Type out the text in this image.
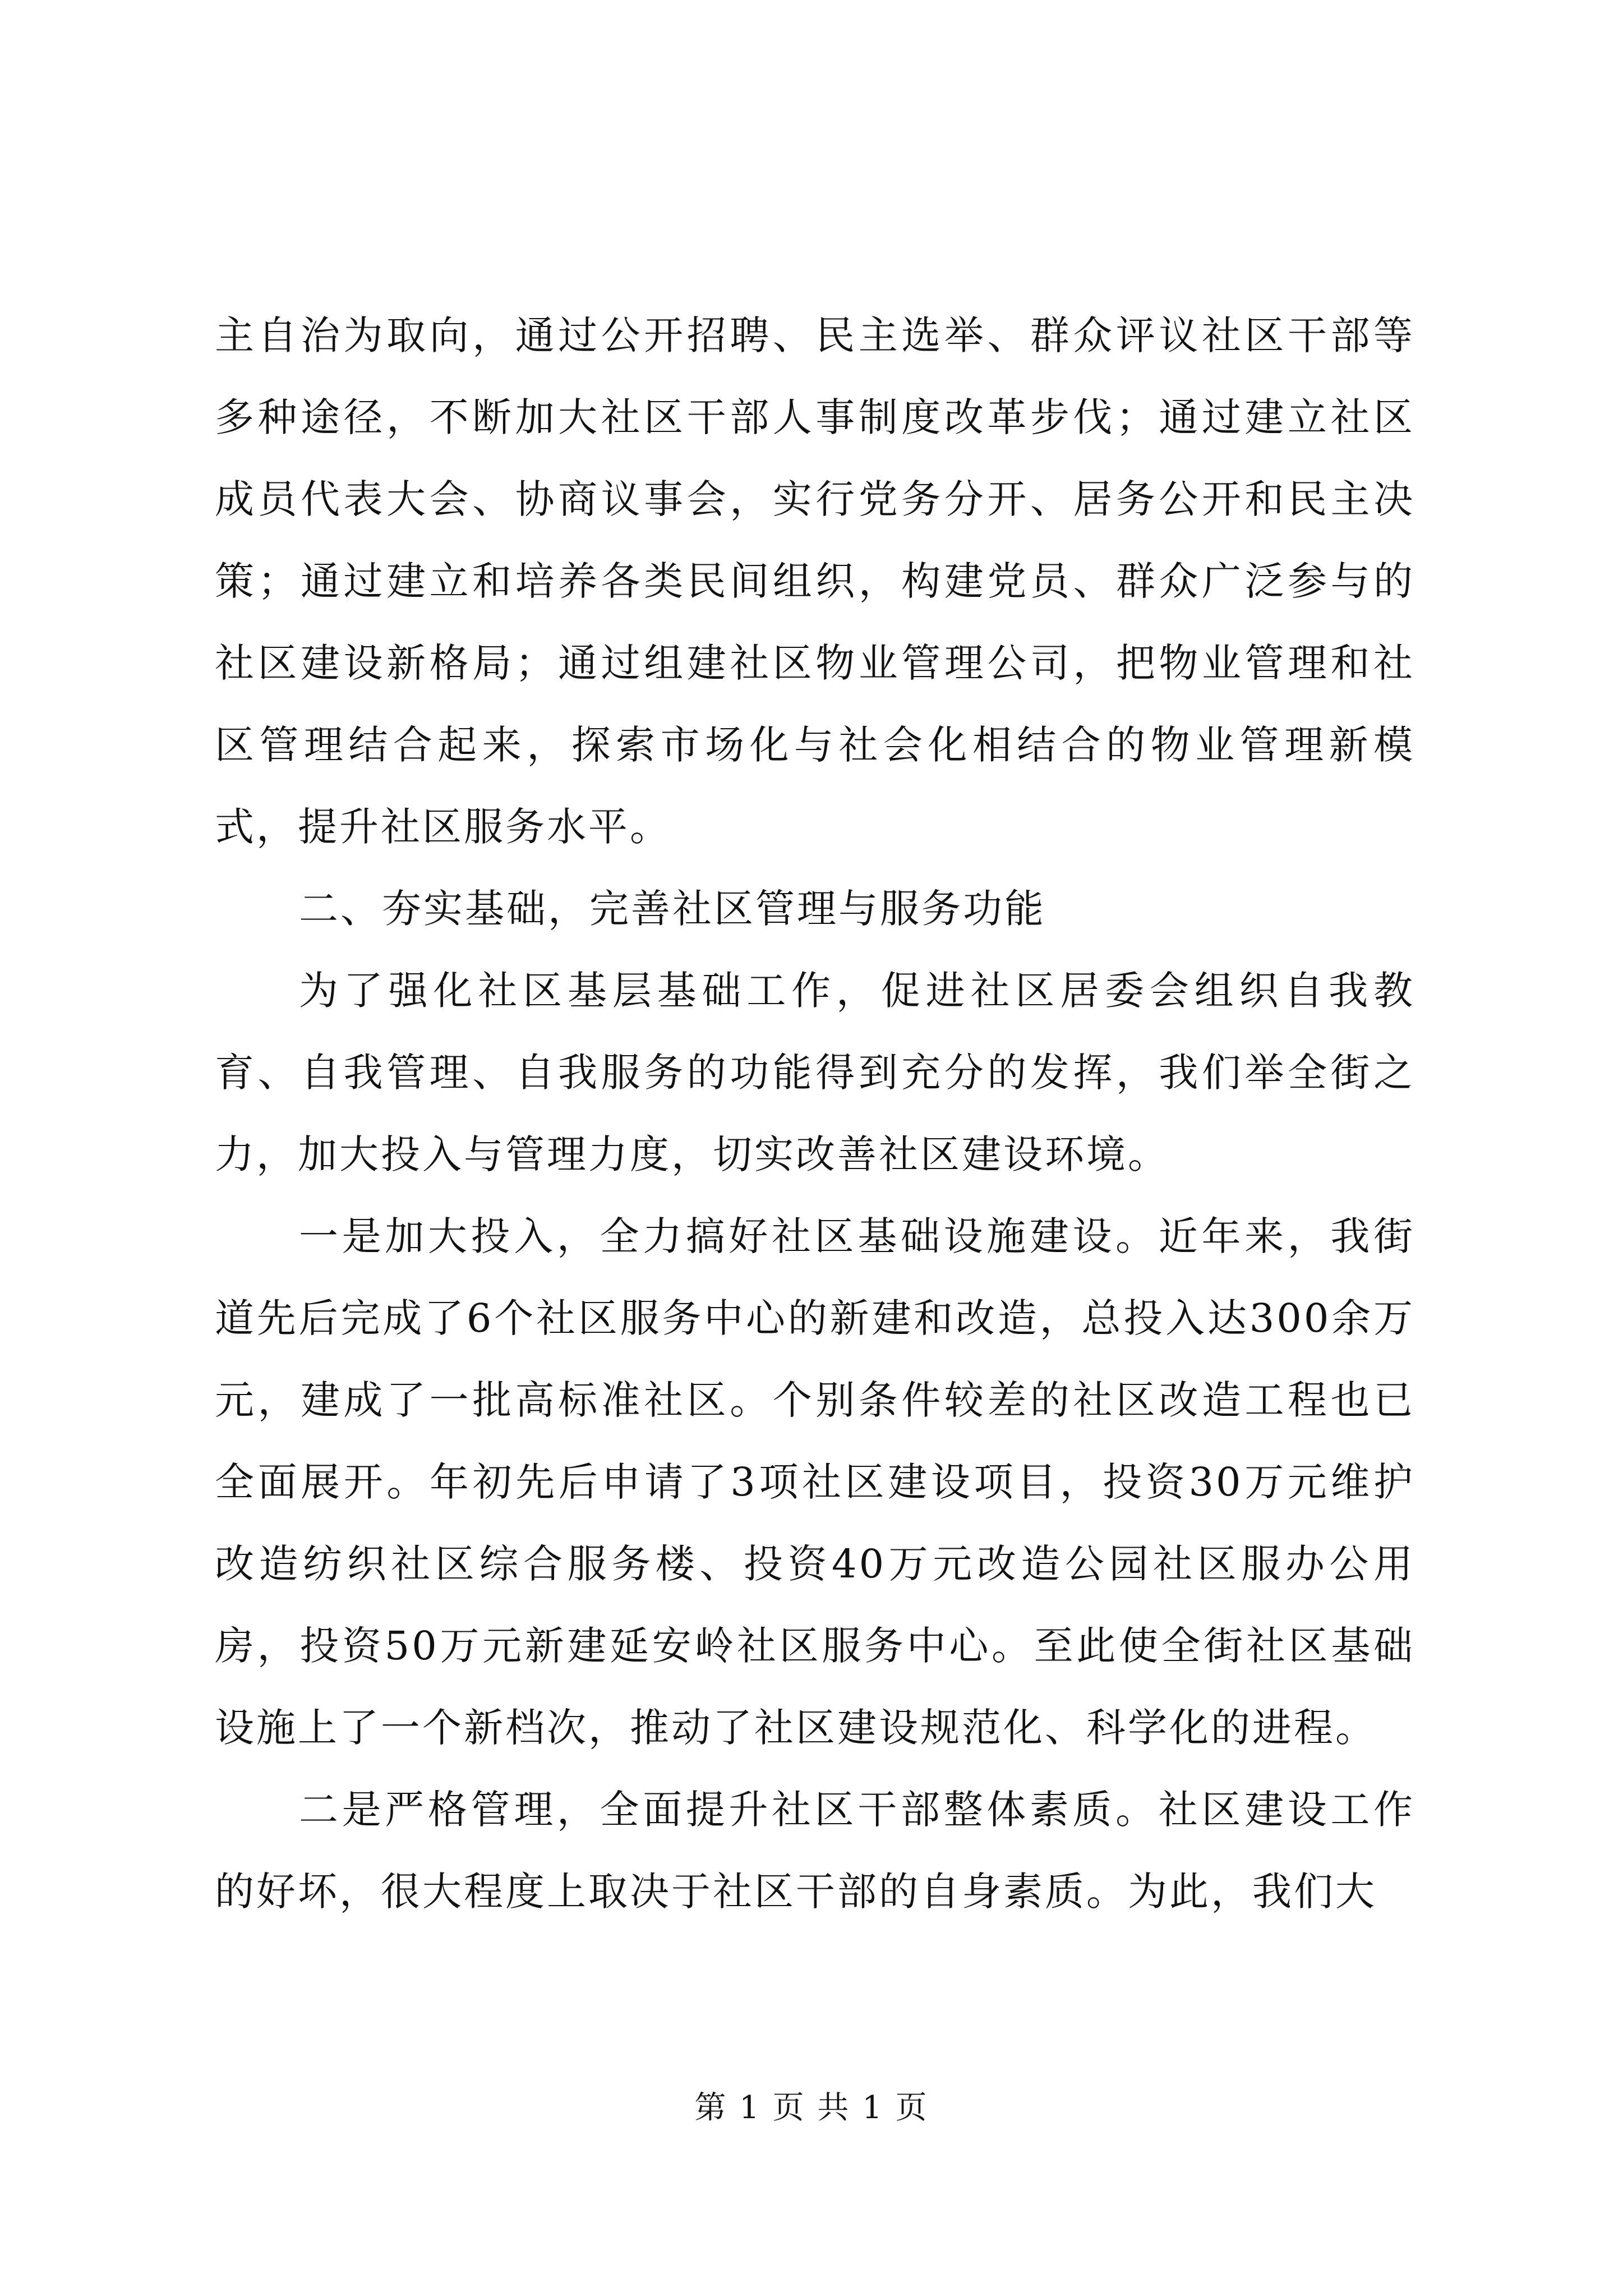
主自治为取向，通过公开招聘、民主选举、群众评议社区干部等多种途径，不断加大社区干部人事制度改革步伐；通过建立社区成员代表大会、协商议事会，实行党务分开、居务公开和民主决策；通过建立和培养各类民间组织，构建党员、群众广泛参与的社区建设新格局；通过组建社区物业管理公司，把物业管理和社区管理结合起来，探索市场化与社会化相结合的物业管理新模式，提升社区服务水平。

二、夯实基础，完善社区管理与服务功能

为了强化社区基层基础工作，促进社区居委会组织自我教育、自我管理、自我服务的功能得到充分的发挥，我们举全街之力，加大投入与管理力度，切实改善社区建设环境。

一是加大投入，全力搞好社区基础设施建设。近年来，我街道先后完成了6个社区服务中心的新建和改造，总投入达300余万元，建成了一批高标准社区。个别条件较差的社区改造工程也已全面展开。年初先后申请了3项社区建设项目，投资30万元维护改造纺织社区综合服务楼、投资40万元改造公园社区服办公用房，投资50万元新建延安岭社区服务中心。至此使全街社区基础设施上了一个新档次，推动了社区建设规范化、科学化的进程。

二是严格管理，全面提升社区干部整体素质。社区建设工作的好坏，很大程度上取决于社区干部的自身素质。为此，我们大

第 1 页 共 1 页
